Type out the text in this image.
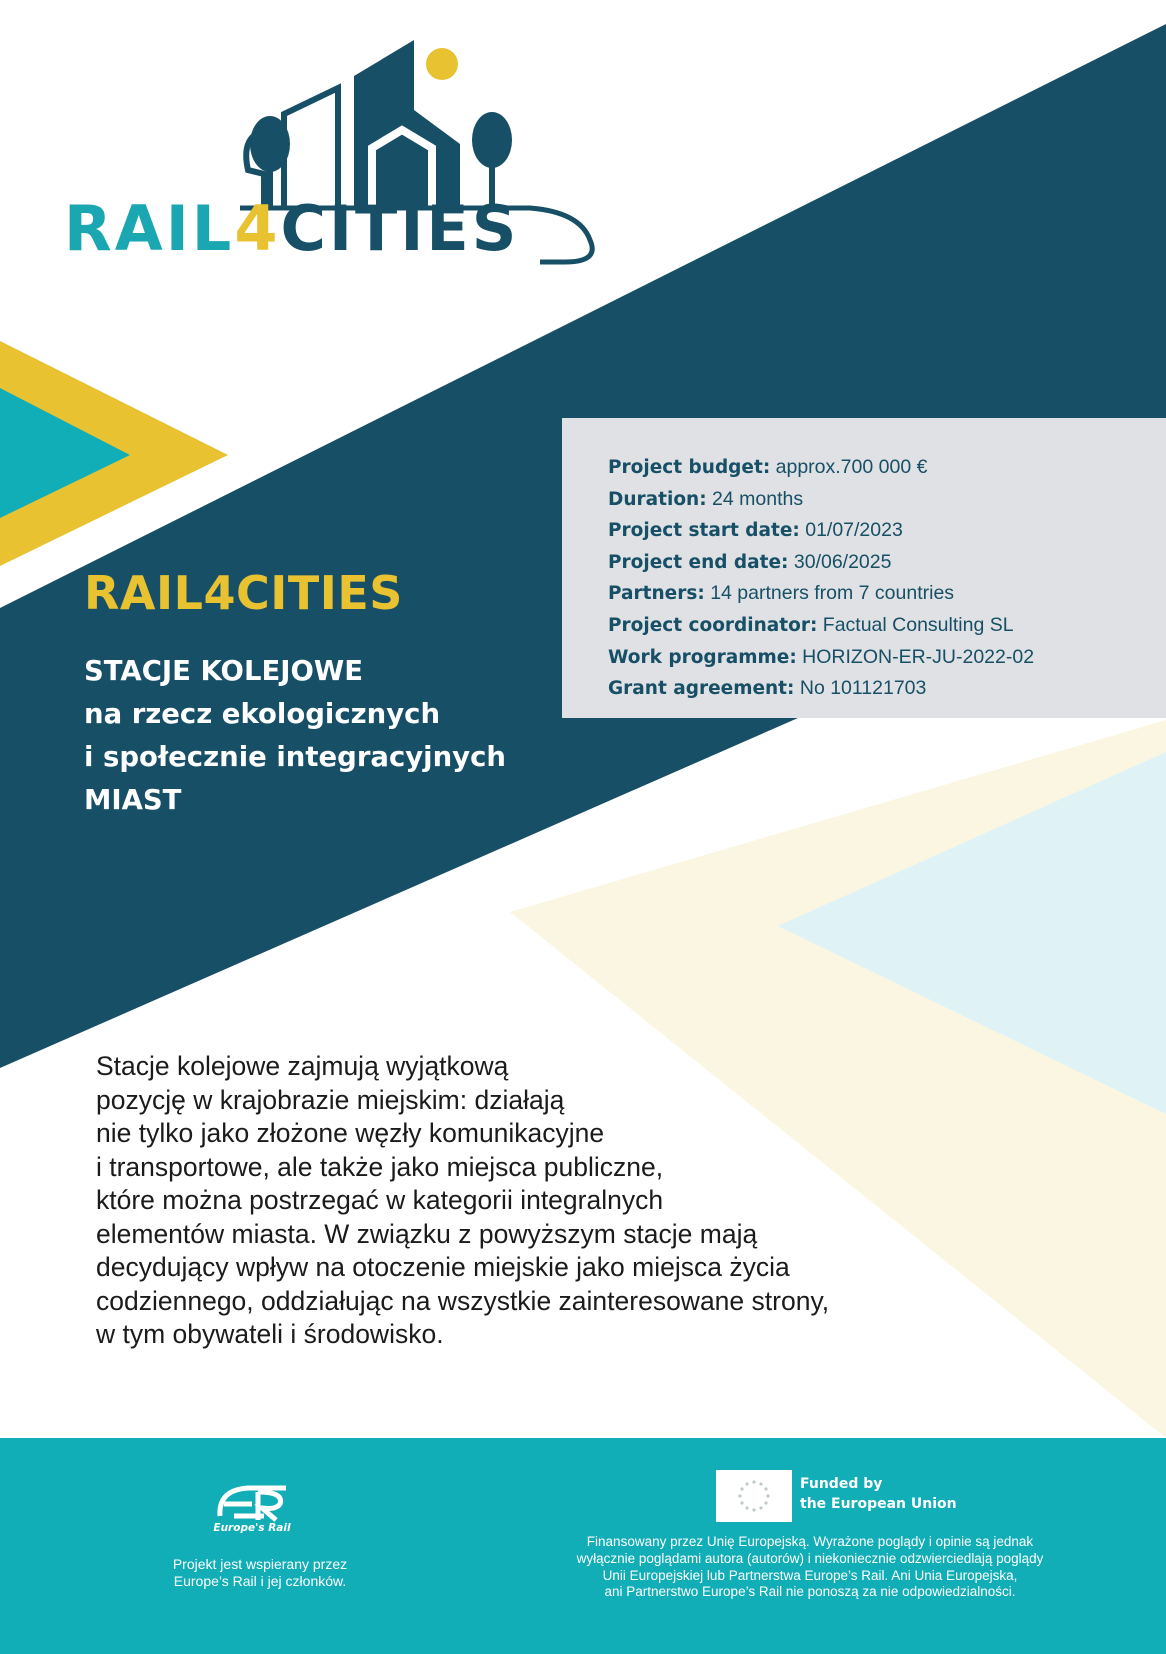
RAIL4CITIES
Project budget: approx.700 000 €
Duration: 24 months
Project start date: 01/07/2023
Project end date: 30/06/2025
Partners: 14 partners from 7 countries
Project coordinator: Factual Consulting SL
Work programme: HORIZON-ER-JU-2022-02
Grant agreement: No 101121703
RAIL4CITIES
STACJE KOLEJOWE
na rzecz ekologicznych
i społecznie integracyjnych
MIAST
Stacje kolejowe zajmują wyjątkową
pozycję w krajobrazie miejskim: działają
nie tylko jako złożone węzły komunikacyjne
i transportowe, ale także jako miejsca publiczne,
które można postrzegać w kategorii integralnych
elementów miasta. W związku z powyższym stacje mają
decydujący wpływ na otoczenie miejskie jako miejsca życia
codziennego, oddziałując na wszystkie zainteresowane strony,
w tym obywateli i środowisko.
Europe's Rail
Projekt jest wspierany przez
Europe’s Rail i jej członków.
Funded by
the European Union
Finansowany przez Unię Europejską. Wyrażone poglądy i opinie są jednak
wyłącznie poglądami autora (autorów) i niekoniecznie odzwierciedlają poglądy
Unii Europejskiej lub Partnerstwa Europe’s Rail. Ani Unia Europejska,
ani Partnerstwo Europe’s Rail nie ponoszą za nie odpowiedzialności.
